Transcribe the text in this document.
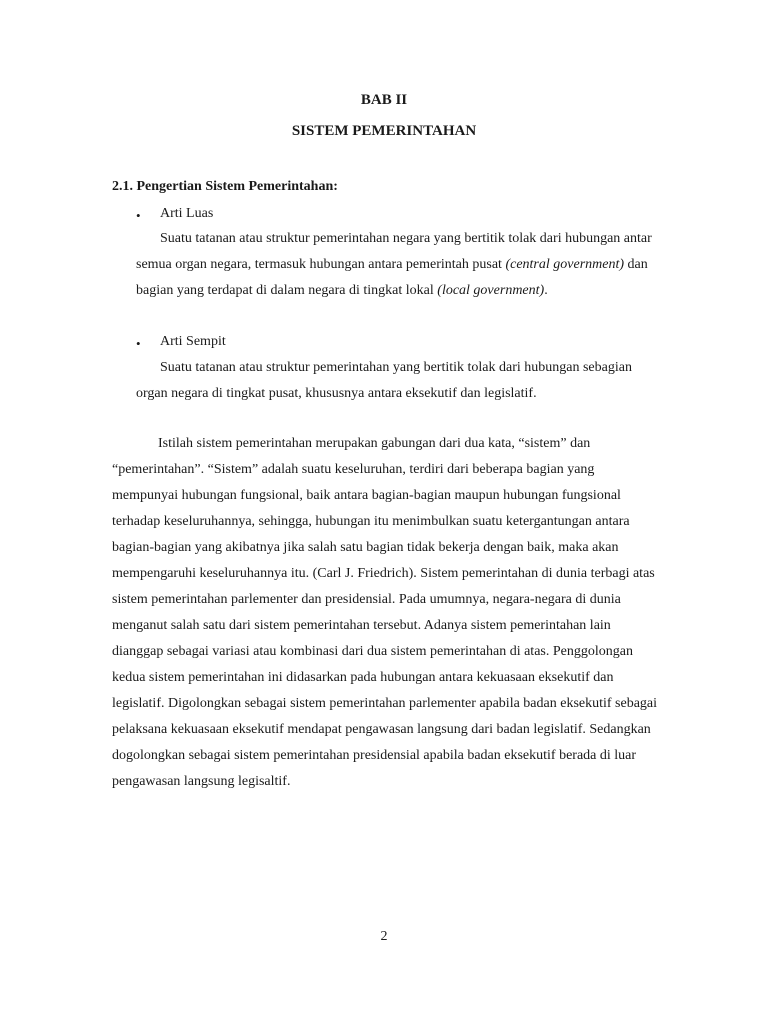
BAB II
SISTEM PEMERINTAHAN
2.1. Pengertian Sistem Pemerintahan:
• Arti Luas

Suatu tatanan atau struktur pemerintahan negara yang bertitik tolak dari hubungan antar semua organ negara, termasuk hubungan antara pemerintah pusat (central government) dan bagian yang terdapat di dalam negara di tingkat lokal (local government).

• Arti Sempit

Suatu tatanan atau struktur pemerintahan yang bertitik tolak dari hubungan sebagian organ negara di tingkat pusat, khususnya antara eksekutif dan legislatif.

Istilah sistem pemerintahan merupakan gabungan dari dua kata, “sistem” dan “pemerintahan”. “Sistem” adalah suatu keseluruhan, terdiri dari beberapa bagian yang mempunyai hubungan fungsional, baik antara bagian-bagian maupun hubungan fungsional terhadap keseluruhannya, sehingga, hubungan itu menimbulkan suatu ketergantungan antara bagian-bagian yang akibatnya jika salah satu bagian tidak bekerja dengan baik, maka akan mempengaruhi keseluruhannya itu. (Carl J. Friedrich). Sistem pemerintahan di dunia terbagi atas sistem pemerintahan parlementer dan presidensial. Pada umumnya, negara-negara di dunia menganut salah satu dari sistem pemerintahan tersebut. Adanya sistem pemerintahan lain dianggap sebagai variasi atau kombinasi dari dua sistem pemerintahan di atas. Penggolongan kedua sistem pemerintahan ini didasarkan pada hubungan antara kekuasaan eksekutif dan legislatif. Digolongkan sebagai sistem pemerintahan parlementer apabila badan eksekutif sebagai pelaksana kekuasaan eksekutif mendapat pengawasan langsung dari badan legislatif. Sedangkan dogolongkan sebagai sistem pemerintahan presidensial apabila badan eksekutif berada di luar pengawasan langsung legisaltif.

2
